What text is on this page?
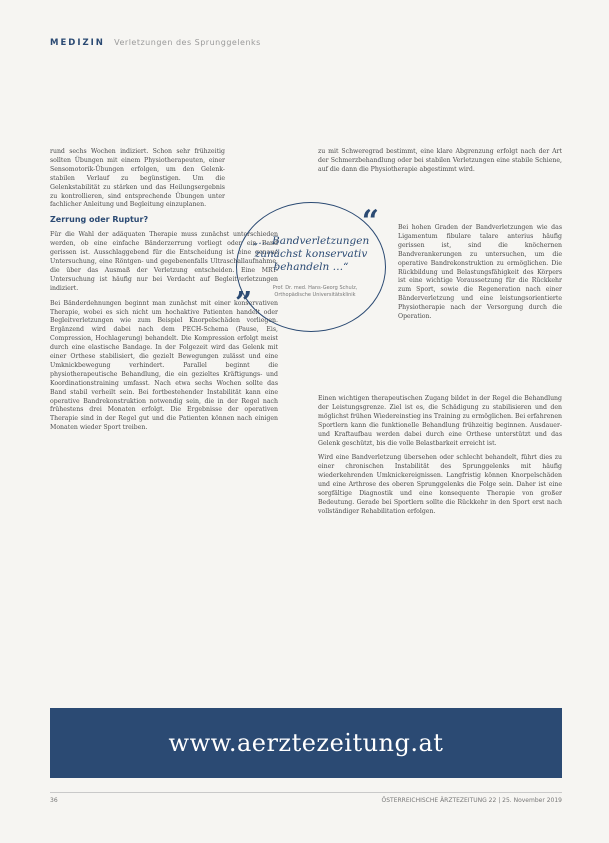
MEDIZIN Verletzungen des Sprunggelenks

rund sechs Wochen indiziert. Schon sehr frühzeitig sollten Übungen mit einem Physiotherapeuten, einer Sensomotorik-Übungen erfolgen, um den Gelenk-stabilen Verlauf zu begünstigen. Um die Gelenkstabilität zu stärken und das Heilungsergebnis zu kontrollieren, sind entsprechende Übungen unter fachlicher Anleitung und Begleitung einzuplanen.

Zerrung oder Ruptur?

Für die Wahl der adäquaten Therapie muss zunächst unterschieden werden, ob eine einfache Bänderzerrung vorliegt oder ein Band gerissen ist. Ausschlaggebend für die Entscheidung ist eine genaue Untersuchung, eine Röntgen- und gegebenenfalls Ultraschallaufnahme, die über das Ausmaß der Verletzung entscheiden. Eine MRT-Untersuchung ist häufig nur bei Verdacht auf Begleitverletzungen indiziert.

Bei Bänderdehnungen beginnt man zunächst mit einer konservativen Therapie, wobei es sich nicht um hochaktive Patienten handelt oder Begleitverletzungen wie zum Beispiel Knorpelschäden vorliegen. Ergänzend wird dabei nach dem PECH-Schema (Pause, Eis, Compression, Hochlagerung) behandelt. Die Kompression erfolgt meist durch eine elastische Bandage. In der Folgezeit wird das Gelenk mit einer Orthese stabilisiert, die gezielt Bewegungen zulässt und eine Umknickbewegung verhindert. Parallel beginnt die physiotherapeutische Behandlung, die ein gezieltes Kräftigungs- und Koordinationstraining umfasst. Nach etwa sechs Wochen sollte das Band stabil verheilt sein. Bei fortbestehender Instabilität kann eine operative Bandrekonstruktion notwendig sein, die in der Regel nach frühestens drei Monaten erfolgt. Die Ergebnisse der operativen Therapie sind in der Regel gut und die Patienten können nach einigen Monaten wieder Sport treiben.

“
”
„… Bandverletzungen zunächst konservativ behandeln …“
Prof. Dr. med. Hans-Georg Schulz, Orthopädische Universitätsklinik

zu mit Schweregrad bestimmt, eine klare Abgrenzung erfolgt nach der Art der Schmerzbehandlung oder bei stabilen Verletzungen eine stabile Schiene, auf die dann die Physiotherapie abgestimmt wird.

Bei hohen Graden der Bandverletzungen wie das Ligamentum fibulare talare anterius häufig gerissen ist, sind die knöchernen Bandverankerungen zu untersuchen, um die operative Bandrekonstruktion zu ermöglichen. Die Rückbildung und Belastungsfähigkeit des Körpers ist eine wichtige Voraussetzung für die Rückkehr zum Sport, sowie die Regeneration nach einer Bänderverletzung und eine leistungsorientierte Physiotherapie nach der Versorgung durch die Operation.

Einen wichtigen therapeutischen Zugang bildet in der Regel die Behandlung der Leistungsgrenze. Ziel ist es, die Schädigung zu stabilisieren und den möglichst frühen Wiedereinstieg ins Training zu ermöglichen. Bei erfahrenen Sportlern kann die funktionelle Behandlung frühzeitig beginnen. Ausdauer- und Kraftaufbau werden dabei durch eine Orthese unterstützt und das Gelenk geschützt, bis die volle Belastbarkeit erreicht ist.

Wird eine Bandverletzung übersehen oder schlecht behandelt, führt dies zu einer chronischen Instabilität des Sprunggelenks mit häufig wiederkehrenden Umknickereignissen. Langfristig können Knorpelschäden und eine Arthrose des oberen Sprunggelenks die Folge sein. Daher ist eine sorgfältige Diagnostik und eine konsequente Therapie von großer Bedeutung. Gerade bei Sportlern sollte die Rückkehr in den Sport erst nach vollständiger Rehabilitation erfolgen.

www.aerztezeitung.at
36	ÖSTERREICHISCHE ÄRZTEZEITUNG 22 | 25. November 2019
